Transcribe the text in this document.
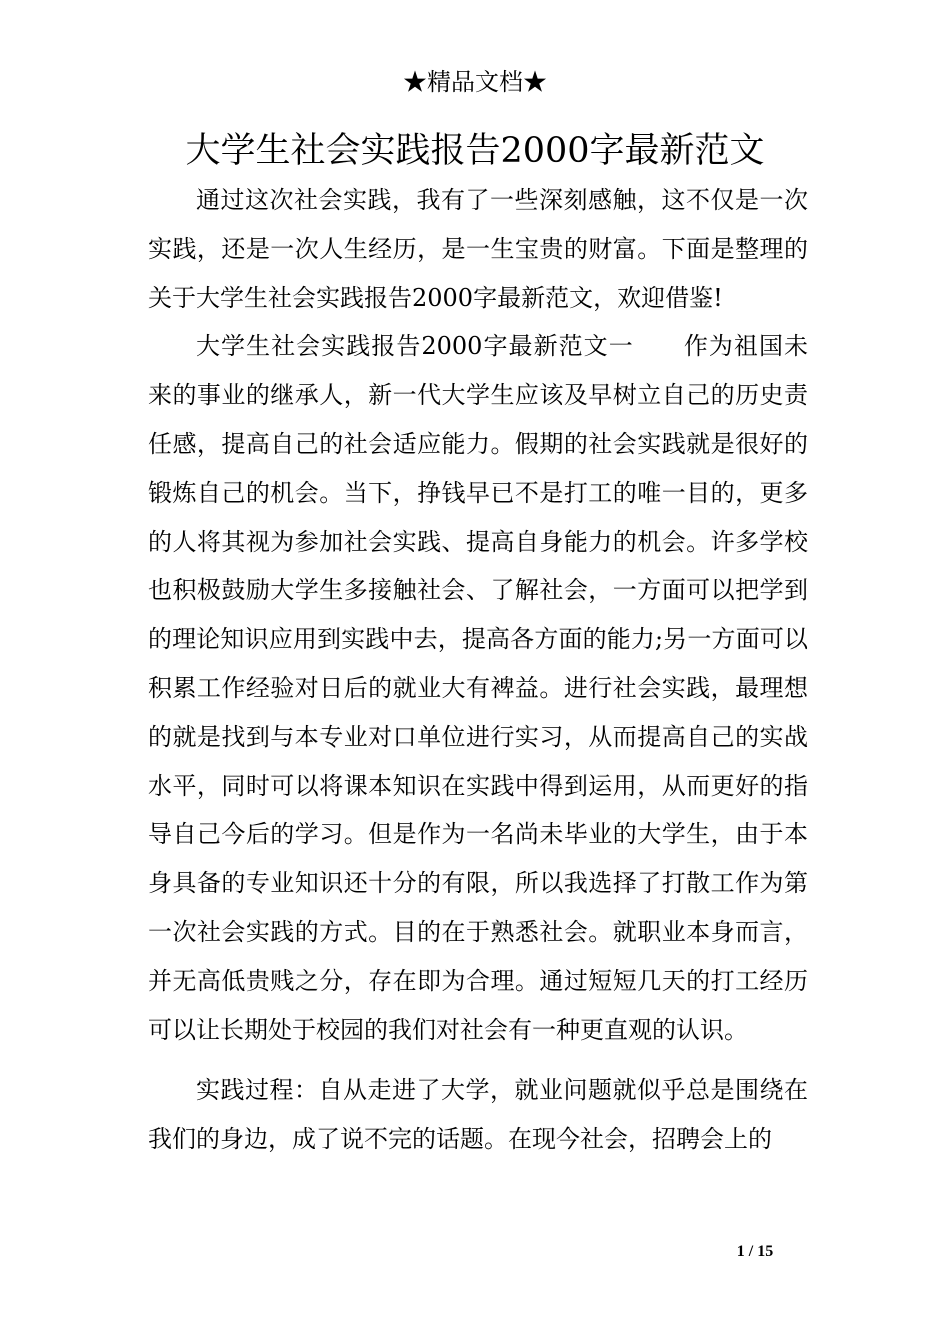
★精品文档★
大学生社会实践报告2000字最新范文

通过这次社会实践，我有了一些深刻感触，这不仅是一次实践，还是一次人生经历，是一生宝贵的财富。下面是整理的关于大学生社会实践报告2000字最新范文，欢迎借鉴!

大学生社会实践报告2000字最新范文一　　作为祖国未来的事业的继承人，新一代大学生应该及早树立自己的历史责任感，提高自己的社会适应能力。假期的社会实践就是很好的锻炼自己的机会。当下，挣钱早已不是打工的唯一目的，更多的人将其视为参加社会实践、提高自身能力的机会。许多学校也积极鼓励大学生多接触社会、了解社会，一方面可以把学到的理论知识应用到实践中去，提高各方面的能力;另一方面可以积累工作经验对日后的就业大有裨益。进行社会实践，最理想的就是找到与本专业对口单位进行实习，从而提高自己的实战水平，同时可以将课本知识在实践中得到运用，从而更好的指导自己今后的学习。但是作为一名尚未毕业的大学生，由于本身具备的专业知识还十分的有限，所以我选择了打散工作为第一次社会实践的方式。目的在于熟悉社会。就职业本身而言，并无高低贵贱之分，存在即为合理。通过短短几天的打工经历可以让长期处于校园的我们对社会有一种更直观的认识。

实践过程：自从走进了大学，就业问题就似乎总是围绕在我们的身边，成了说不完的话题。在现今社会，招聘会上的

1 / 15
